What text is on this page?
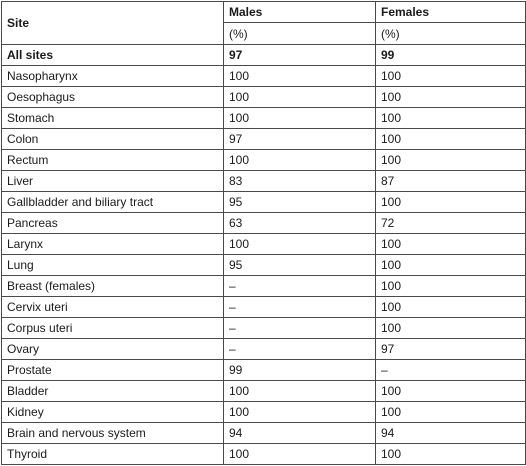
Site	Males	Females
	(%)	(%)
All sites	97	99
Nasopharynx	100	100
Oesophagus	100	100
Stomach	100	100
Colon	97	100
Rectum	100	100
Liver	83	87
Gallbladder and biliary tract	95	100
Pancreas	63	72
Larynx	100	100
Lung	95	100
Breast (females)	–	100
Cervix uteri	–	100
Corpus uteri	–	100
Ovary	–	97
Prostate	99	–
Bladder	100	100
Kidney	100	100
Brain and nervous system	94	94
Thyroid	100	100
